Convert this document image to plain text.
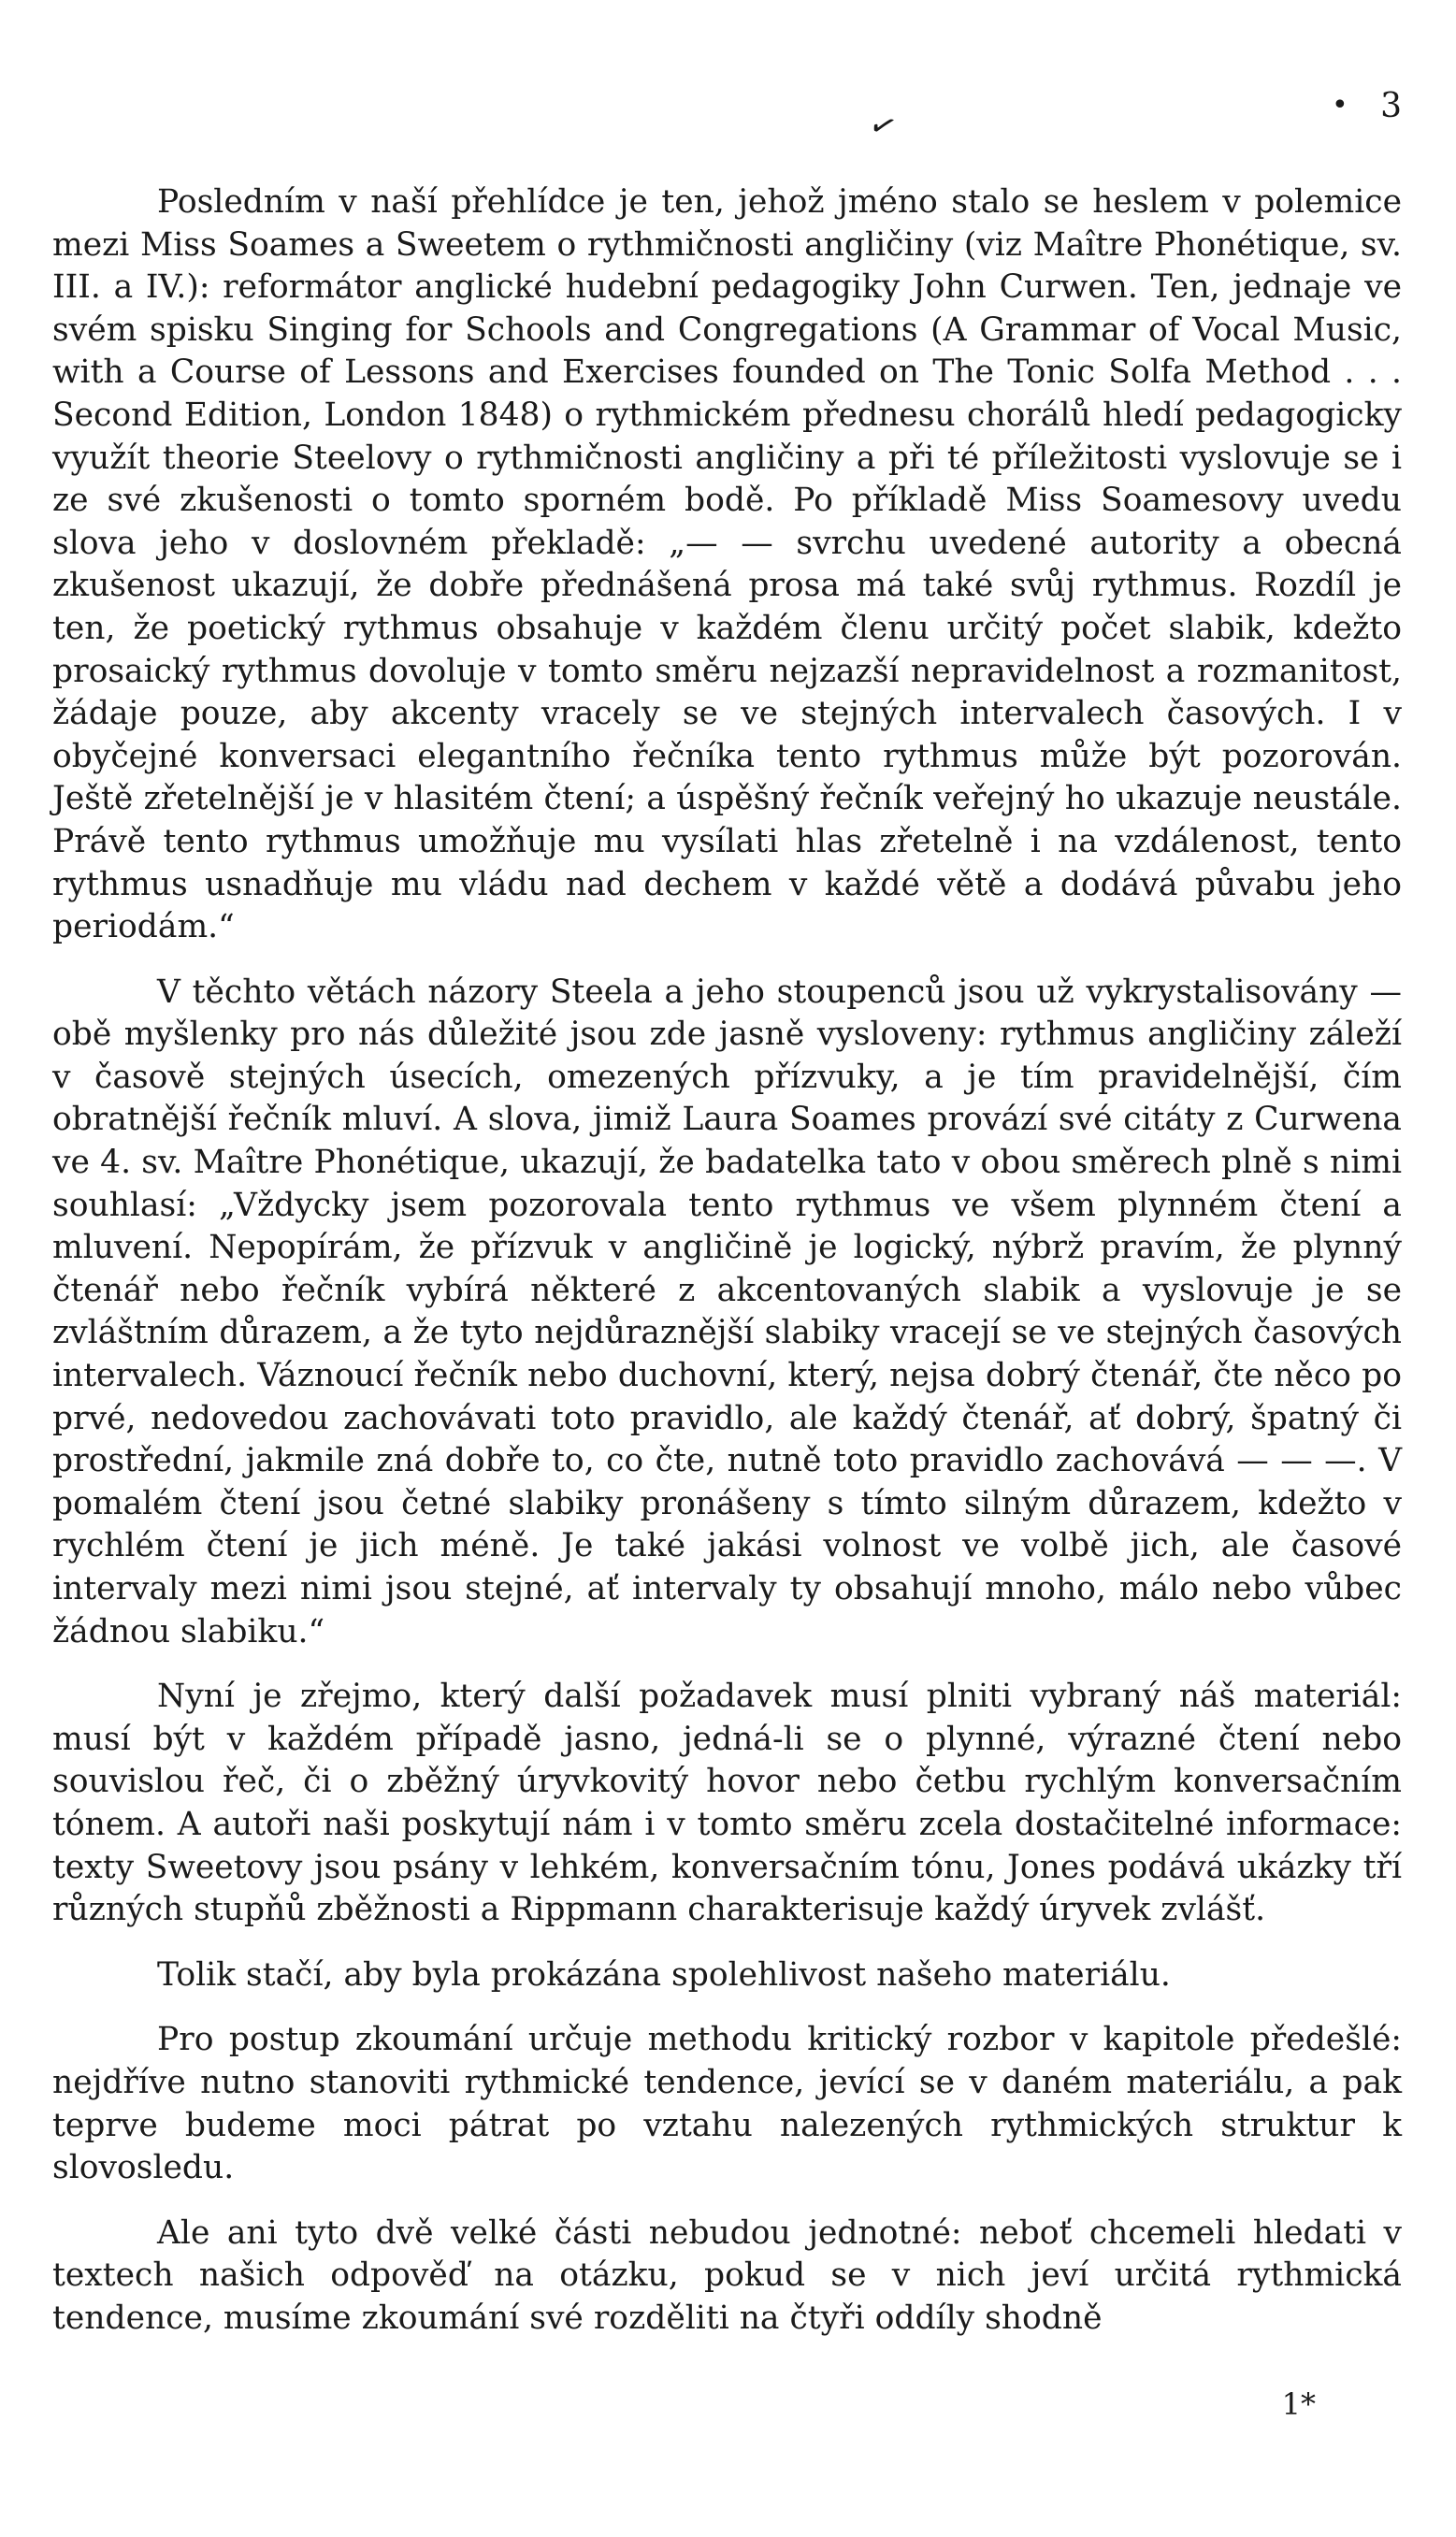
•
✓	3

Posledním v naší přehlídce je ten, jehož jméno stalo se heslem v polemice mezi Miss Soames a Sweetem o rythmičnosti angličiny (viz Maître Phonétique, sv. III. a IV.): reformátor anglické hudební pedagogiky John Curwen. Ten, jednaje ve svém spisku Singing for Schools and Congregations (A Grammar of Vocal Music, with a Course of Lessons and Exercises founded on The Tonic Solfa Method . . . Second Edition, London 1848) o rythmickém přednesu chorálů hledí pedagogicky využít theorie Steelovy o rythmičnosti angličiny a při té příležitosti vyslovuje se i ze své zkušenosti o tomto sporném bodě. Po příkladě Miss Soamesovy uvedu slova jeho v doslovném překladě: „— — svrchu uvedené autority a obecná zkušenost ukazují, že dobře přednášená prosa má také svůj rythmus. Rozdíl je ten, že poetický rythmus obsahuje v každém členu určitý počet slabik, kdežto prosaický rythmus dovoluje v tomto směru nejzazší nepravidelnost a rozmanitost, žádaje pouze, aby akcenty vracely se ve stejných intervalech časových. I v obyčejné konversaci elegantního řečníka tento rythmus může být pozorován. Ještě zřetelnější je v hlasitém čtení; a úspěšný řečník veřejný ho ukazuje neustále. Právě tento rythmus umožňuje mu vysílati hlas zřetelně i na vzdálenost, tento rythmus usnadňuje mu vládu nad dechem v každé větě a dodává půvabu jeho periodám.“

V těchto větách názory Steela a jeho stoupenců jsou už vykrystalisovány — obě myšlenky pro nás důležité jsou zde jasně vysloveny: rythmus angličiny záleží v časově stejných úsecích, omezených přízvuky, a je tím pravidelnější, čím obratnější řečník mluví. A slova, jimiž Laura Soames provází své citáty z Curwena ve 4. sv. Maître Phonétique, ukazují, že badatelka tato v obou směrech plně s nimi souhlasí: „Vždycky jsem pozorovala tento rythmus ve všem plynném čtení a mluvení. Nepopírám, že přízvuk v angličině je logický, nýbrž pravím, že plynný čtenář nebo řečník vybírá některé z akcentovaných slabik a vyslovuje je se zvláštním důrazem, a že tyto nejdůraznější slabiky vracejí se ve stejných časových intervalech. Váznoucí řečník nebo duchovní, který, nejsa dobrý čtenář, čte něco po prvé, nedovedou zachovávati toto pravidlo, ale každý čtenář, ať dobrý, špatný či prostřední, jakmile zná dobře to, co čte, nutně toto pravidlo zachovává — — —. V pomalém čtení jsou četné slabiky pronášeny s tímto silným důrazem, kdežto v rychlém čtení je jich méně. Je také jakási volnost ve volbě jich, ale časové intervaly mezi nimi jsou stejné, ať intervaly ty obsahují mnoho, málo nebo vůbec žádnou slabiku.“

Nyní je zřejmo, který další požadavek musí plniti vybraný náš materiál: musí být v každém případě jasno, jedná-li se o plynné, výrazné čtení nebo souvislou řeč, či o zběžný úryvkovitý hovor nebo četbu rychlým konversačním tónem. A autoři naši poskytují nám i v tomto směru zcela dostačitelné informace: texty Sweetovy jsou psány v lehkém, konversačním tónu, Jones podává ukázky tří různých stupňů zběžnosti a Rippmann charakterisuje každý úryvek zvlášť.

Tolik stačí, aby byla prokázána spolehlivost našeho materiálu.

Pro postup zkoumání určuje methodu kritický rozbor v kapitole předešlé: nejdříve nutno stanoviti rythmické tendence, jevící se v daném materiálu, a pak teprve budeme moci pátrat po vztahu nalezených rythmických struktur k slovosledu.

Ale ani tyto dvě velké části nebudou jednotné: neboť chcemeli hledati v textech našich odpověď na otázku, pokud se v nich jeví určitá rythmická tendence, musíme zkoumání své rozděliti na čtyři oddíly shodně

1*
